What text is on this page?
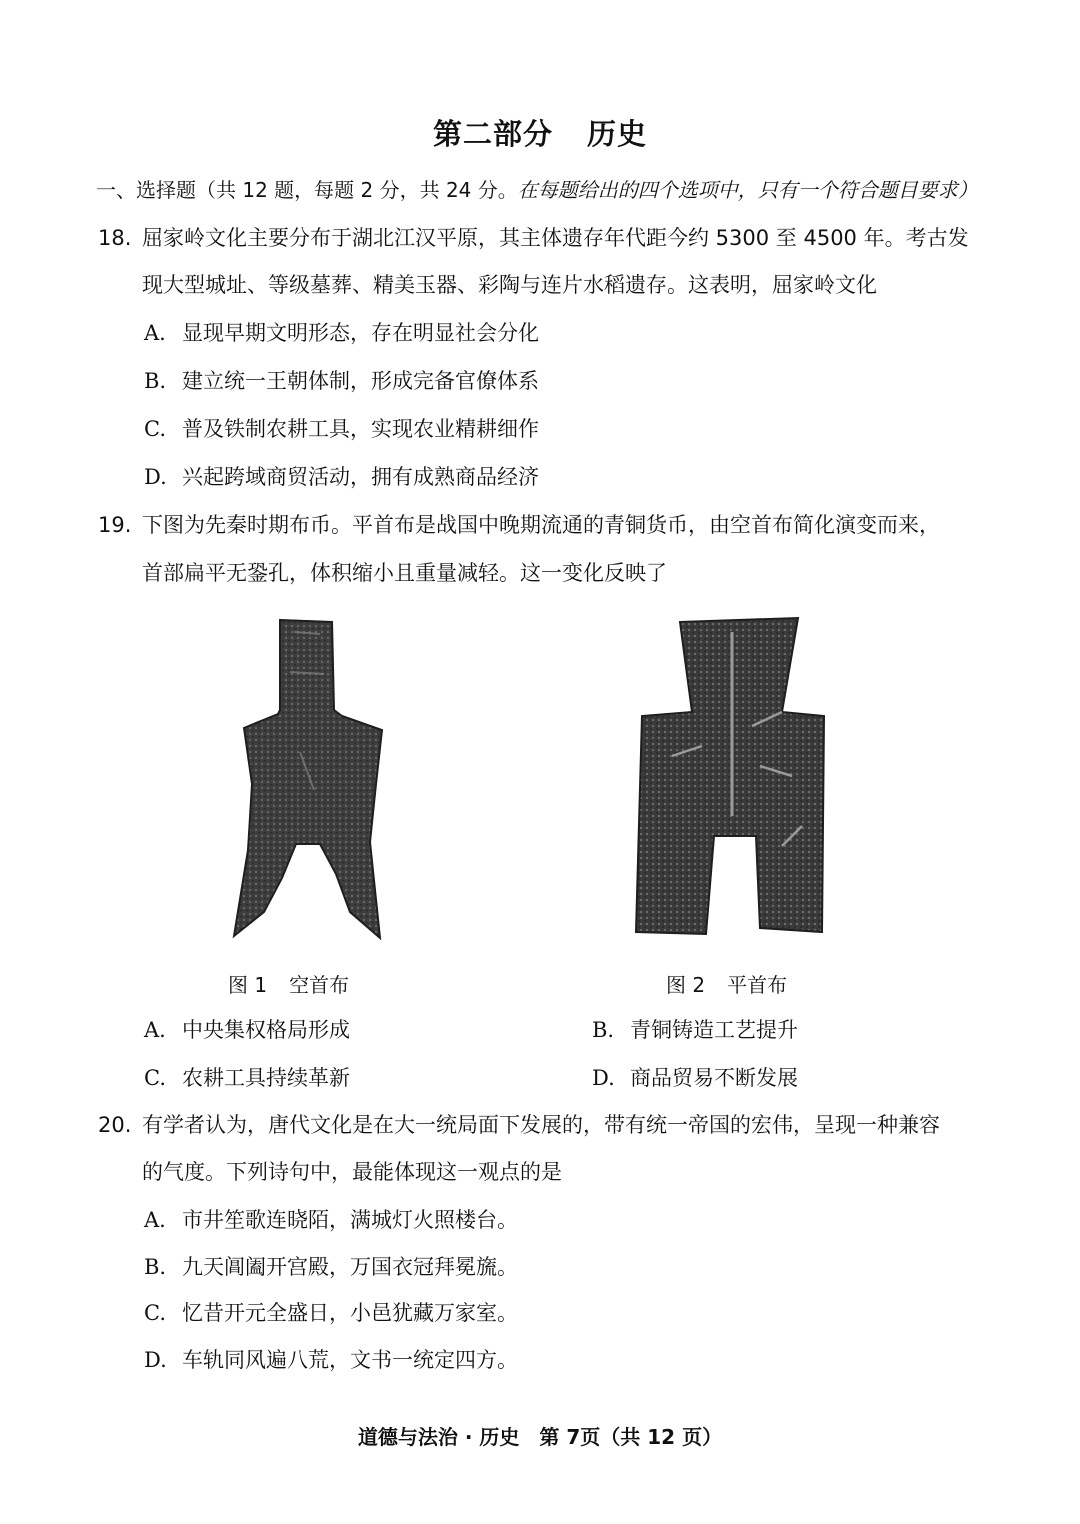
第二部分 历史
一、选择题（共 12 题，每题 2 分，共 24 分。在每题给出的四个选项中，只有一个符合题目要求）
18. 屈家岭文化主要分布于湖北江汉平原，其主体遗存年代距今约 5300 至 4500 年。考古发
现大型城址、等级墓葬、精美玉器、彩陶与连片水稻遗存。这表明，屈家岭文化
A. 显现早期文明形态，存在明显社会分化
B. 建立统一王朝体制，形成完备官僚体系
C. 普及铁制农耕工具，实现农业精耕细作
D. 兴起跨域商贸活动，拥有成熟商品经济
19. 下图为先秦时期布币。平首布是战国中晚期流通的青铜货币，由空首布简化演变而来，
首部扁平无銎孔，体积缩小且重量减轻。这一变化反映了
图 1 空首布	图 2 平首布
A. 中央集权格局形成	B. 青铜铸造工艺提升
C. 农耕工具持续革新	D. 商品贸易不断发展
20. 有学者认为，唐代文化是在大一统局面下发展的，带有统一帝国的宏伟，呈现一种兼容
的气度。下列诗句中，最能体现这一观点的是
A. 市井笙歌连晓陌，满城灯火照楼台。
B. 九天阊阖开宫殿，万国衣冠拜冕旒。
C. 忆昔开元全盛日，小邑犹藏万家室。
D. 车轨同风遍八荒，文书一统定四方。
道德与法治 · 历史　第 7页（共 12 页）
